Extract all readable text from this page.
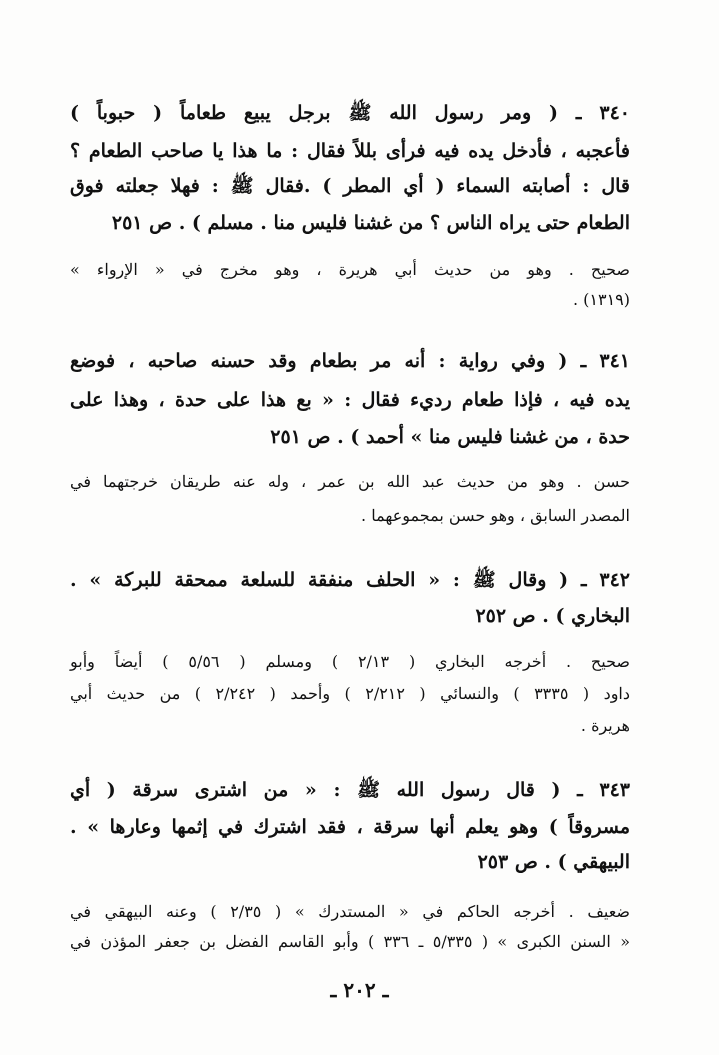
٣٤٠ ـ ( ومر رسول الله ﷺ برجل يبيع طعاماً ( حبوباً )
فأعجبه ، فأدخل يده فيه فرأى بللاً فقال : ما هذا يا صاحب الطعام ؟
قال : أصابته السماء ( أي المطر ) .فقال ﷺ : فهلا جعلته فوق
الطعام حتى يراه الناس ؟ من غشنا فليس منا . مسلم ) . ص ٢٥١
صحيح . وهو من حديث أبي هريرة ، وهو مخرج في « الإرواء »
(١٣١٩) .
٣٤١ ـ ( وفي رواية : أنه مر بطعام وقد حسنه صاحبه ، فوضع
يده فيه ، فإذا طعام رديء فقال : « بع هذا على حدة ، وهذا على
حدة ، من غشنا فليس منا » أحمد ) . ص ٢٥١
حسن . وهو من حديث عبد الله بن عمر ، وله عنه طريقان خرجتهما في
المصدر السابق ، وهو حسن بمجموعهما .
٣٤٢ ـ ( وقال ﷺ : « الحلف منفقة للسلعة ممحقة للبركة » .
البخاري ) . ص ٢٥٢
صحيح . أخرجه البخاري ( ٢/١٣ ) ومسلم ( ٥/٥٦ ) أيضاً وأبو
داود ( ٣٣٣٥ ) والنسائي ( ٢/٢١٢ ) وأحمد ( ٢/٢٤٢ ) من حديث أبي
هريرة .
٣٤٣ ـ ( قال رسول الله ﷺ : « من اشترى سرقة ( أي
مسروقاً ) وهو يعلم أنها سرقة ، فقد اشترك في إثمها وعارها » .
البيهقي ) . ص ٢٥٣
ضعيف . أخرجه الحاكم في « المستدرك » ( ٢/٣٥ ) وعنه البيهقي في
« السنن الكبرى » ( ٥/٣٣٥ ـ ٣٣٦ ) وأبو القاسم الفضل بن جعفر المؤذن في
ـ ٢٠٢ ـ
